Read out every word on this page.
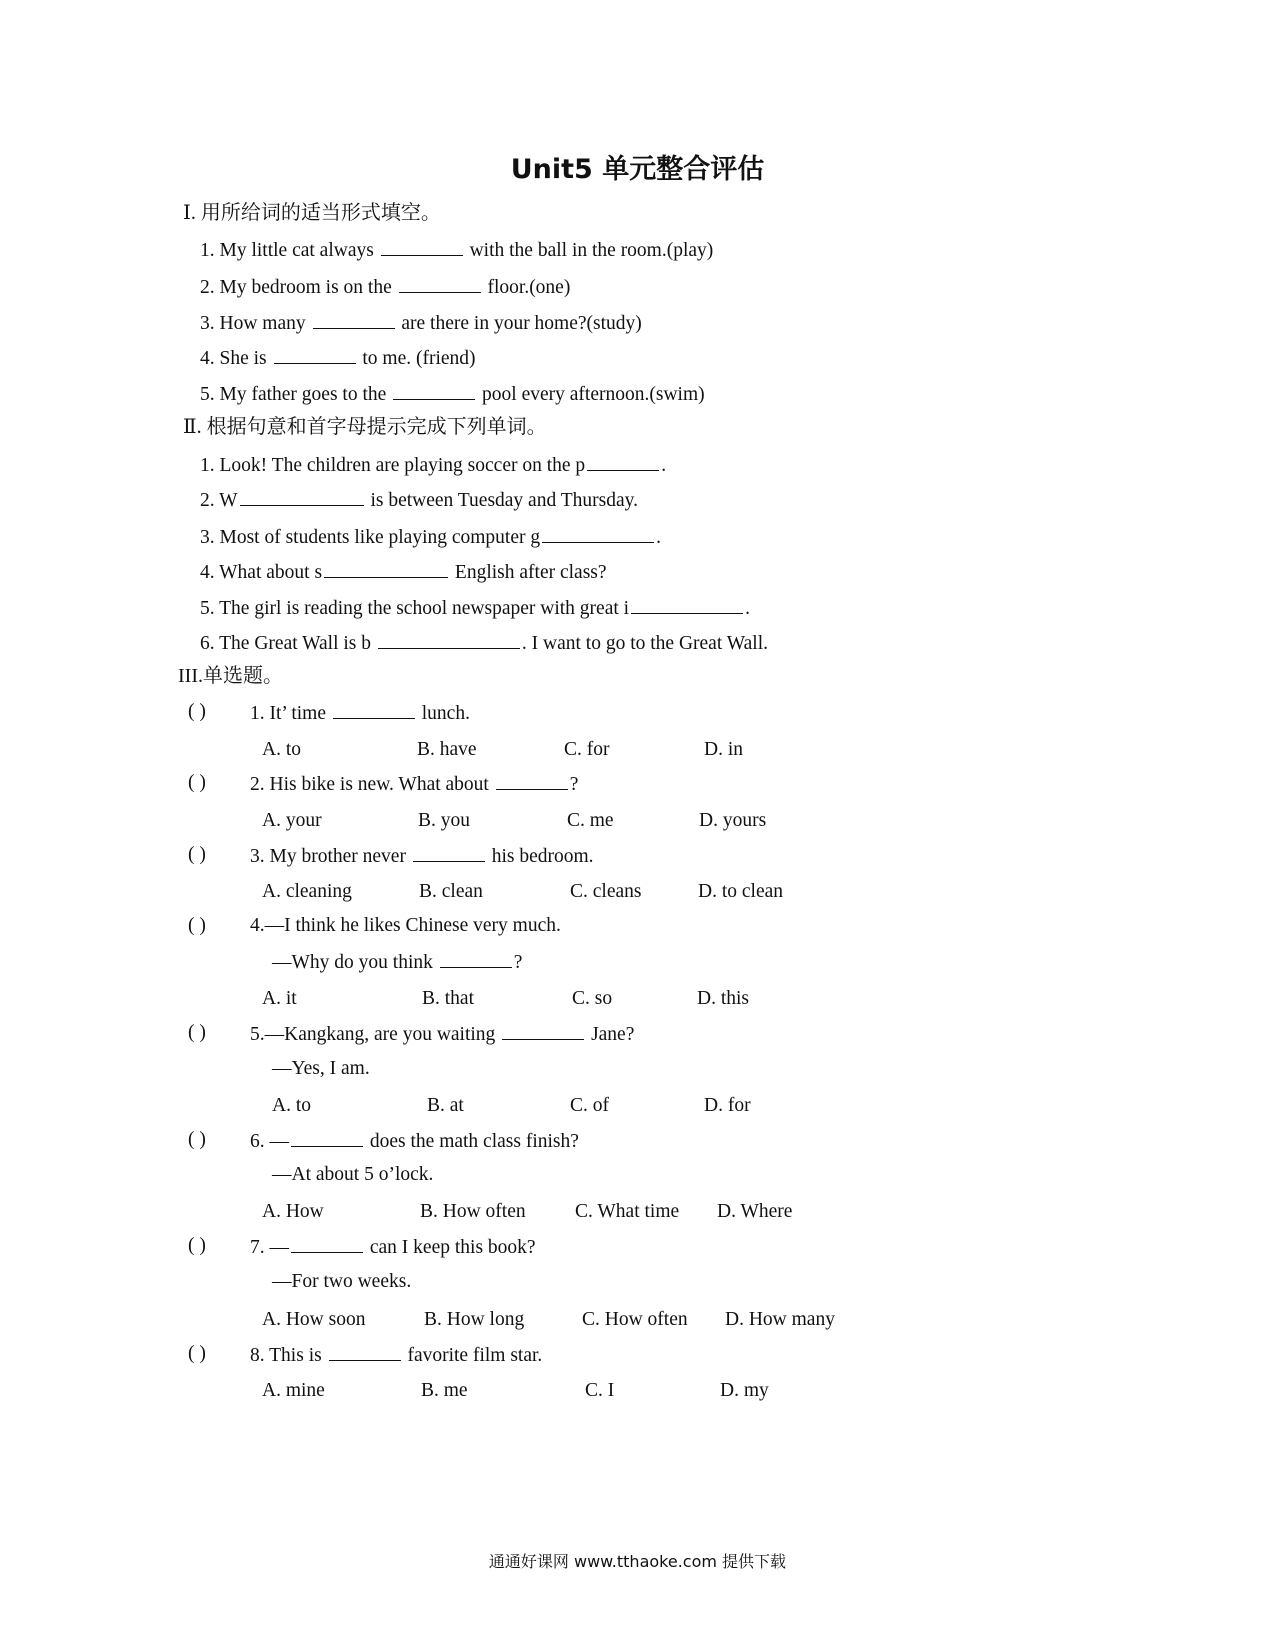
Unit5 单元整合评估
Ⅰ. 用所给词的适当形式填空。
1. My little cat always	with the ball in the room.(play)
2. My bedroom is on the	floor.(one)
3. How many	are there in your home?(study)
4. She is	to me. (friend)
5. My father goes to the	pool every afternoon.(swim)
Ⅱ. 根据句意和首字母提示完成下列单词。
1. Look! The children are playing soccer on the p	.
2. W	is between Tuesday and Thursday.
3. Most of students like playing computer g	.
4. What about s	English after class?
5. The girl is reading the school newspaper with great i	.
6. The Great Wall is b	. I want to go to the Great Wall.
III.单选题。
( ) 1. It’ time	lunch.
A. to	B. have	C. for	D. in
( ) 2. His bike is new. What about	?
A. your	B. you	C. me	D. yours
( ) 3. My brother never	his bedroom.
A. cleaning	B. clean	C. cleans	D. to clean
( ) 4.—I think he likes Chinese very much.
—Why do you think	?
A. it	B. that	C. so	D. this
( ) 5.—Kangkang, are you waiting	Jane?
—Yes, I am.
A. to	B. at	C. of	D. for
( ) 6. —	does the math class finish?
—At about 5 o’lock.
A. How	B. How often	C. What time D. Where
( ) 7. —	can I keep this book?
—For two weeks.
A. How soon	B. How long	C. How often D. How many
( ) 8. This is	favorite film star.
A. mine	B. me	C. I	D. my
通通好课网 www.tthaoke.com 提供下载
